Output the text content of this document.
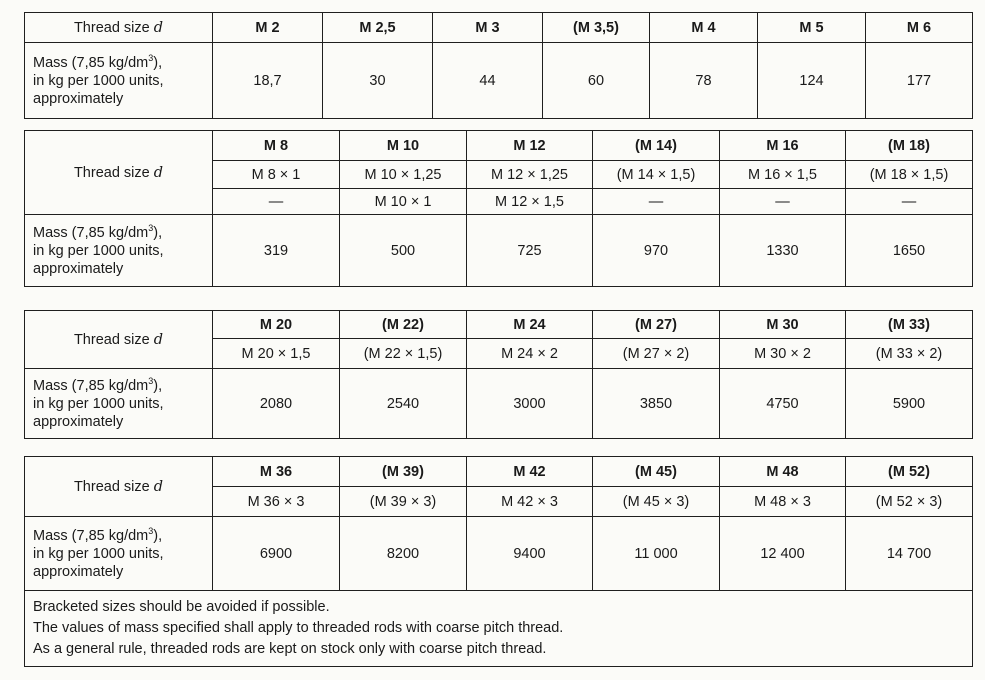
Thread size d	M 2	M 2,5	M 3	(M 3,5)	M 4	M 5	M 6
Mass (7,85 $kg/dm^3$),
in kg per 1000 units,
approximately	18,7	30	44	60	78	124	177
Thread size d	M 8	M 10	M 12	(M 14)	M 16	(M 18)
	M 8 × 1	M 10 × 1,25	M 12 × 1,25	(M 14 × 1,5)	M 16 × 1,5	(M 18 × 1,5)
	—	M 10 × 1	M 12 × 1,5	—	—	—
Mass (7,85 $kg/dm^3$),
in kg per 1000 units,
approximately	319	500	725	970	1330	1650
Thread size d	M 20	(M 22)	M 24	(M 27)	M 30	(M 33)
	M 20 × 1,5	(M 22 × 1,5)	M 24 × 2	(M 27 × 2)	M 30 × 2	(M 33 × 2)
Mass (7,85 $kg/dm^3$),
in kg per 1000 units,
approximately	2080	2540	3000	3850	4750	5900
Thread size d	M 36	(M 39)	M 42	(M 45)	M 48	(M 52)
	M 36 × 3	(M 39 × 3)	M 42 × 3	(M 45 × 3)	M 48 × 3	(M 52 × 3)
Mass (7,85 $kg/dm^3$),
in kg per 1000 units,
approximately	6900	8200	9400	11 000	12 400	14 700

Bracketed sizes should be avoided if possible.
The values of mass specified shall apply to threaded rods with coarse pitch thread.
As a general rule, threaded rods are kept on stock only with coarse pitch thread.						
